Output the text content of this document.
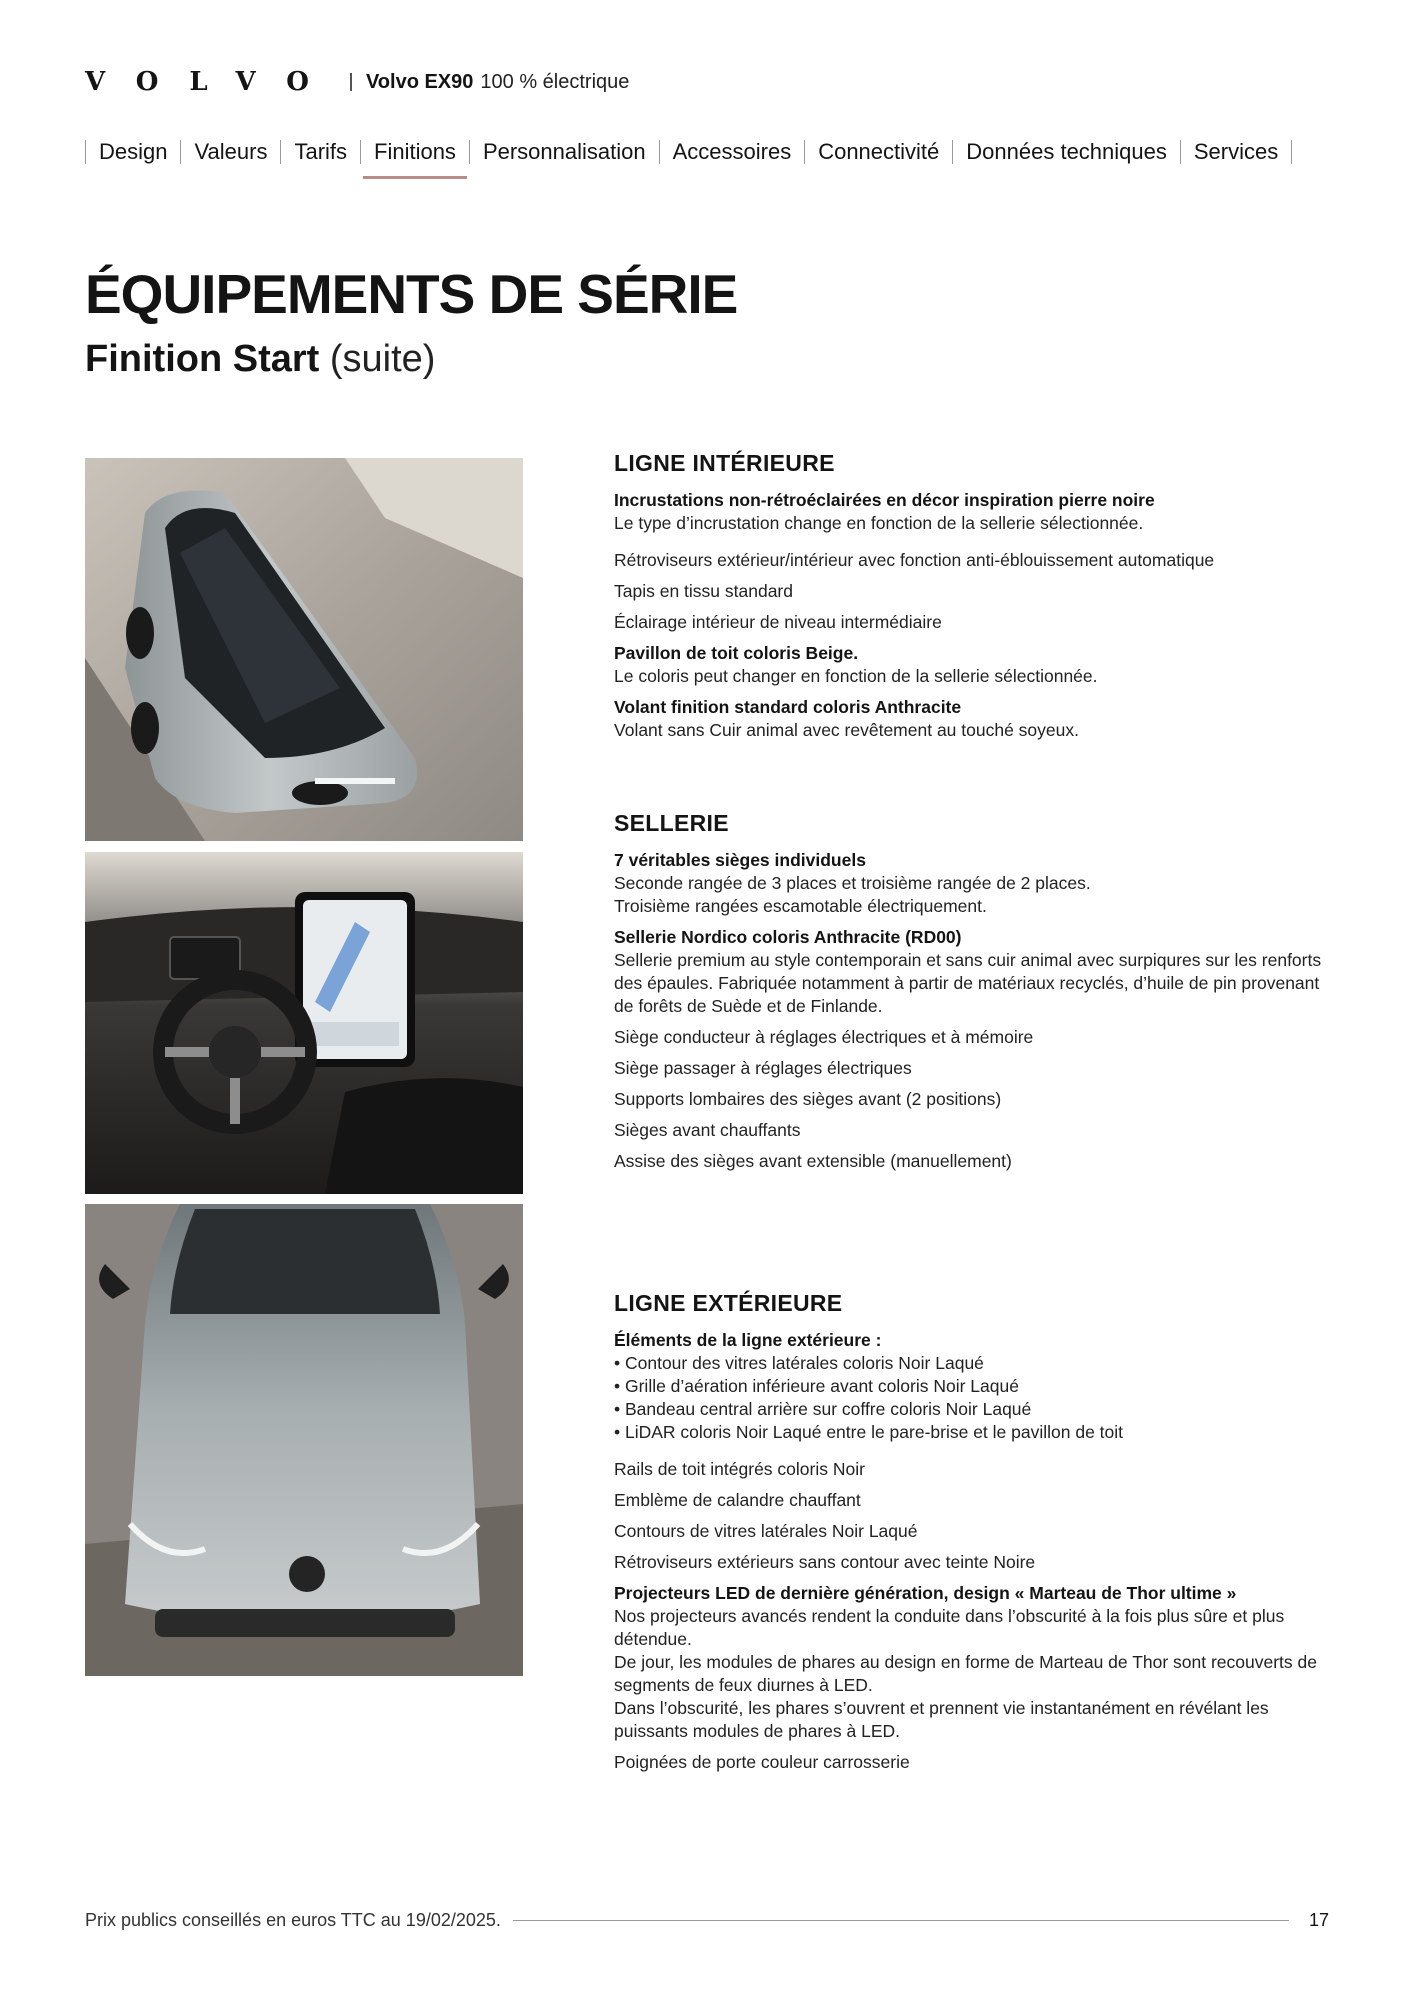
VOLVO Volvo EX90 100 % électrique
Design	Valeurs	Tarifs	Finitions	Personnalisation	Accessoires	Connectivité	Données techniques	Services
ÉQUIPEMENTS DE SÉRIE
Finition Start (suite)
LIGNE INTÉRIEURE
Incrustations non-rétroéclairées en décor inspiration pierre noire
Le type d’incrustation change en fonction de la sellerie sélectionnée.
Rétroviseurs extérieur/intérieur avec fonction anti-éblouissement automatique
Tapis en tissu standard
Éclairage intérieur de niveau intermédiaire
Pavillon de toit coloris Beige.
Le coloris peut changer en fonction de la sellerie sélectionnée.
Volant finition standard coloris Anthracite
Volant sans Cuir animal avec revêtement au touché soyeux.
SELLERIE
7 véritables sièges individuels
Seconde rangée de 3 places et troisième rangée de 2 places.
Troisième rangées escamotable électriquement.
Sellerie Nordico coloris Anthracite (RD00)
Sellerie premium au style contemporain et sans cuir animal avec surpiqures sur les renforts des épaules. Fabriquée notamment à partir de matériaux recyclés, d’huile de pin provenant de forêts de Suède et de Finlande.
Siège conducteur à réglages électriques et à mémoire
Siège passager à réglages électriques
Supports lombaires des sièges avant (2 positions)
Sièges avant chauffants
Assise des sièges avant extensible (manuellement)
LIGNE EXTÉRIEURE
Éléments de la ligne extérieure :
• Contour des vitres latérales coloris Noir Laqué
• Grille d’aération inférieure avant coloris Noir Laqué
• Bandeau central arrière sur coffre coloris Noir Laqué
• LiDAR coloris Noir Laqué entre le pare-brise et le pavillon de toit
Rails de toit intégrés coloris Noir
Emblème de calandre chauffant
Contours de vitres latérales Noir Laqué
Rétroviseurs extérieurs sans contour avec teinte Noire
Projecteurs LED de dernière génération, design « Marteau de Thor ultime »
Nos projecteurs avancés rendent la conduite dans l’obscurité à la fois plus sûre et plus détendue.
De jour, les modules de phares au design en forme de Marteau de Thor sont recouverts de segments de feux diurnes à LED.
Dans l’obscurité, les phares s’ouvrent et prennent vie instantanément en révélant les puissants modules de phares à LED.
Poignées de porte couleur carrosserie
Prix publics conseillés en euros TTC au 19/02/2025.	17
